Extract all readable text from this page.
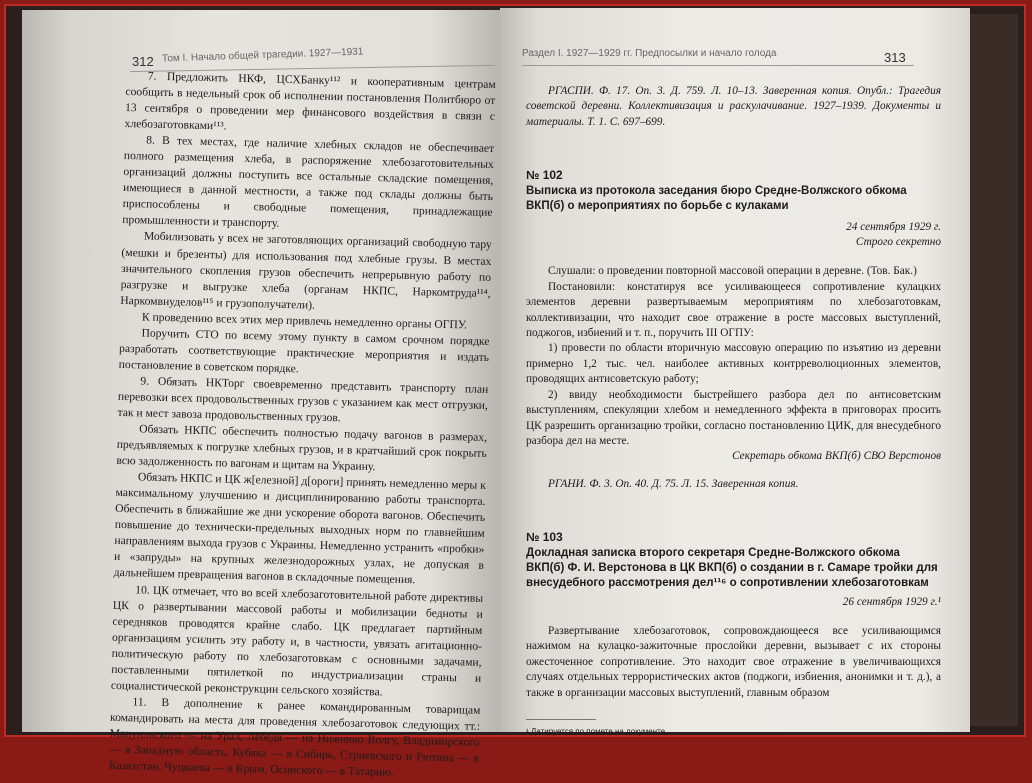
312 Том I. Начало общей трагедии. 1927—1931

7. Предложить НКФ, ЦСХБанку¹¹² и кооперативным центрам сообщить в недельный срок об исполнении постановления Политбюро от 13 сентября о проведении мер финансового воздействия в связи с хлебозаготовками¹¹³.

8. В тех местах, где наличие хлебных складов не обеспечивает полного размещения хлеба, в распоряжение хлебозаготовительных организаций должны поступить все остальные складские помещения, имеющиеся в данной местности, а также под склады должны быть приспособлены и свободные помещения, принадлежащие промышленности и транспорту.

Мобилизовать у всех не заготовляющих организаций свободную тару (мешки и брезенты) для использования под хлебные грузы. В местах значительного скопления грузов обеспечить непрерывную работу по разгрузке и выгрузке хлеба (органам НКПС, Наркомтруда¹¹⁴, Наркомвнуделов¹¹⁵ и грузополучатели).

К проведению всех этих мер привлечь немедленно органы ОГПУ.

Поручить СТО по всему этому пункту в самом срочном порядке разработать соответствующие практические мероприятия и издать постановление в советском порядке.

9. Обязать НКТорг своевременно представить транспорту план перевозки всех продовольственных грузов с указанием как мест отгрузки, так и мест завоза продовольственных грузов.

Обязать НКПС обеспечить полностью подачу вагонов в размерах, предъявляемых к погрузке хлебных грузов, и в кратчайший срок покрыть всю задолженность по вагонам и щитам на Украину.

Обязать НКПС и ЦК ж[елезной] д[ороги] принять немедленно меры к максимальному улучшению и дисциплинированию работы транспорта. Обеспечить в ближайшие же дни ускорение оборота вагонов. Обеспечить повышение до технически-предельных выходных норм по главнейшим направлениям выхода грузов с Украины. Немедленно устранить «пробки» и «запруды» на крупных железнодорожных узлах, не допуская в дальнейшем превращения вагонов в складочные помещения.

10. ЦК отмечает, что во всей хлебозаготовительной работе директивы ЦК о развертывании массовой работы и мобилизации бедноты и середняков проводятся крайне слабо. ЦК предлагает партийным организациям усилить эту работу и, в частности, увязать агитационно-политическую работу по хлебозаготовкам с основными задачами, поставленными пятилеткой по индустриализации страны и социалистической реконструкции сельского хозяйства.

11. В дополнение к ранее командированным товарищам командировать на места для проведения хлебозаготовок следующих тт.: Мануильского — на Урал, Лебедя — на Нижнюю Волгу, Владимирского — в Западную область, Кубяка — в Сибирь, Стриевского и Рютина — в Казахстан, Чуцкаева — в Крым, Осинского — в Татарию.

Раздел I. 1927—1929 гг. Предпосылки и начало голода	313

РГАСПИ. Ф. 17. Оп. 3. Д. 759. Л. 10–13. Заверенная копия. Опубл.: Трагедия советской деревни. Коллективизация и раскулачивание. 1927–1939. Документы и материалы. Т. 1. С. 697–699.

№ 102

Выписка из протокола заседания бюро Средне-Волжского обкома ВКП(б) о мероприятиях по борьбе с кулаками

24 сентября 1929 г.

Строго секретно

Слушали: о проведении повторной массовой операции в деревне. (Тов. Бак.)

Постановили: констатируя все усиливающееся сопротивление кулацких элементов деревни развертываемым мероприятиям по хлебозаготовкам, коллективизации, что находит свое отражение в росте массовых выступлений, поджогов, избиений и т. п., поручить III ОГПУ:

1) провести по области вторичную массовую операцию по изъятию из деревни примерно 1,2 тыс. чел. наиболее активных контрреволюционных элементов, проводящих антисоветскую работу;

2) ввиду необходимости быстрейшего разбора дел по антисоветским выступлениям, спекуляции хлебом и немедленного эффекта в приговорах просить ЦК разрешить организацию тройки, согласно постановлению ЦИК, для внесудебного разбора дел на месте.

Секретарь обкома ВКП(б) СВО Верстонов

РГАНИ. Ф. 3. Оп. 40. Д. 75. Л. 15. Заверенная копия.

№ 103

Докладная записка второго секретаря Средне-Волжского обкома ВКП(б) Ф. И. Верстонова в ЦК ВКП(б) о создании в г. Самаре тройки для внесудебного рассмотрения дел¹¹⁶ о сопротивлении хлебозаготовкам

26 сентября 1929 г.¹

Развертывание хлебозаготовок, сопровождающееся все усиливающимся нажимом на кулацко-зажиточные прослойки деревни, вызывает с их стороны ожесточенное сопротивление. Это находит свое отражение в увеличивающихся случаях отдельных террористических актов (поджоги, избиения, анонимки и т. д.), а также в организации массовых выступлений, главным образом

¹ Датируется по помете на документе.
